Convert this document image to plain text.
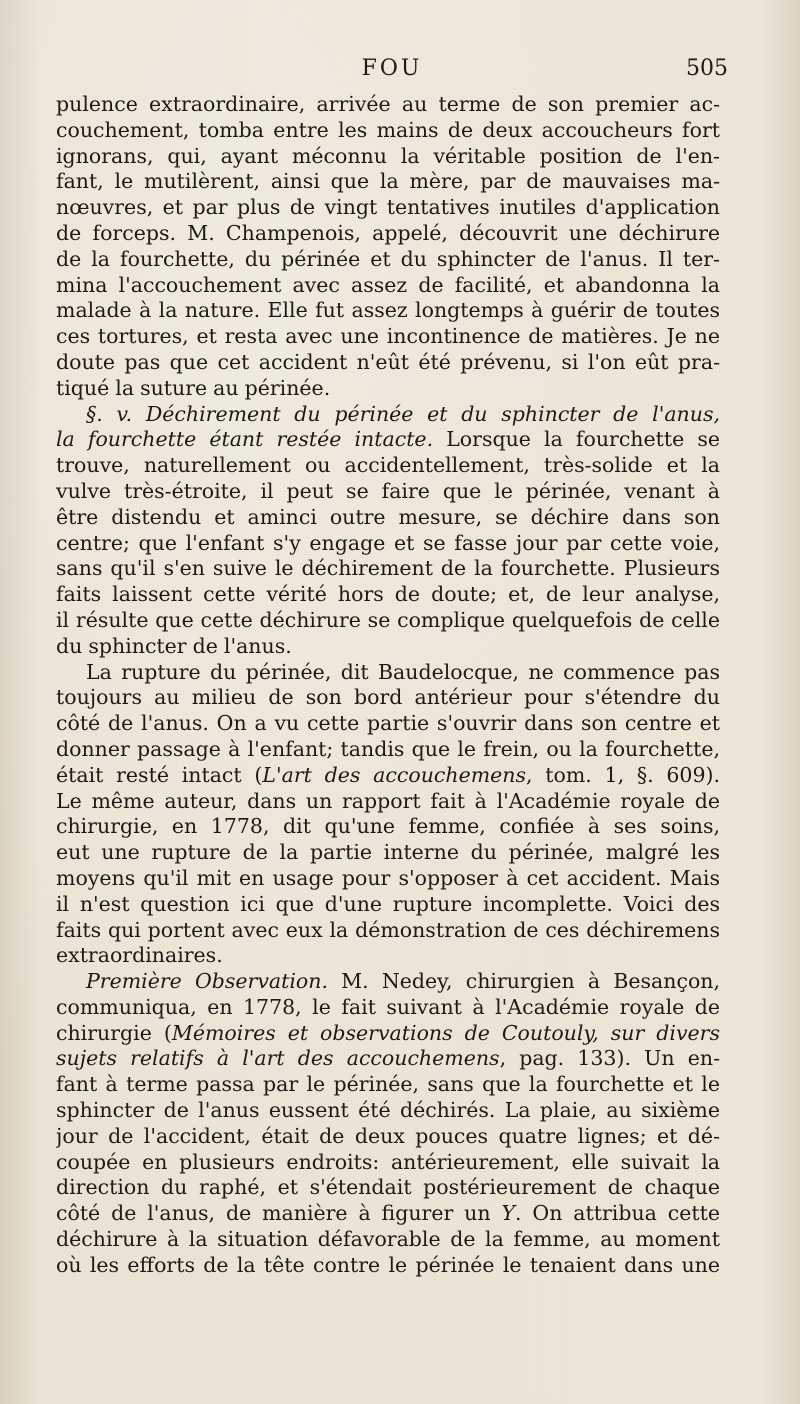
FOU	505
pulence extraordinaire, arrivée au terme de son premier ac-
couchement, tomba entre les mains de deux accoucheurs fort
ignorans, qui, ayant méconnu la véritable position de l'en-
fant, le mutilèrent, ainsi que la mère, par de mauvaises ma-
nœuvres, et par plus de vingt tentatives inutiles d'application
de forceps. M. Champenois, appelé, découvrit une déchirure
de la fourchette, du périnée et du sphincter de l'anus. Il ter-
mina l'accouchement avec assez de facilité, et abandonna la
malade à la nature. Elle fut assez longtemps à guérir de toutes
ces tortures, et resta avec une incontinence de matières. Je ne
doute pas que cet accident n'eût été prévenu, si l'on eût pra-
tiqué la suture au périnée.
§. v. Déchirement du périnée et du sphincter de l'anus,
la fourchette étant restée intacte. Lorsque la fourchette se
trouve, naturellement ou accidentellement, très-solide et la
vulve très-étroite, il peut se faire que le périnée, venant à
être distendu et aminci outre mesure, se déchire dans son
centre; que l'enfant s'y engage et se fasse jour par cette voie,
sans qu'il s'en suive le déchirement de la fourchette. Plusieurs
faits laissent cette vérité hors de doute; et, de leur analyse,
il résulte que cette déchirure se complique quelquefois de celle
du sphincter de l'anus.
La rupture du périnée, dit Baudelocque, ne commence pas
toujours au milieu de son bord antérieur pour s'étendre du
côté de l'anus. On a vu cette partie s'ouvrir dans son centre et
donner passage à l'enfant; tandis que le frein, ou la fourchette,
était resté intact (L'art des accouchemens, tom. 1, §. 609).
Le même auteur, dans un rapport fait à l'Académie royale de
chirurgie, en 1778, dit qu'une femme, confiée à ses soins,
eut une rupture de la partie interne du périnée, malgré les
moyens qu'il mit en usage pour s'opposer à cet accident. Mais
il n'est question ici que d'une rupture incomplette. Voici des
faits qui portent avec eux la démonstration de ces déchiremens
extraordinaires.
Première Observation. M. Nedey, chirurgien à Besançon,
communiqua, en 1778, le fait suivant à l'Académie royale de
chirurgie (Mémoires et observations de Coutouly, sur divers
sujets relatifs à l'art des accouchemens, pag. 133). Un en-
fant à terme passa par le périnée, sans que la fourchette et le
sphincter de l'anus eussent été déchirés. La plaie, au sixième
jour de l'accident, était de deux pouces quatre lignes; et dé-
coupée en plusieurs endroits: antérieurement, elle suivait la
direction du raphé, et s'étendait postérieurement de chaque
côté de l'anus, de manière à figurer un Y. On attribua cette
déchirure à la situation défavorable de la femme, au moment
où les efforts de la tête contre le périnée le tenaient dans une
